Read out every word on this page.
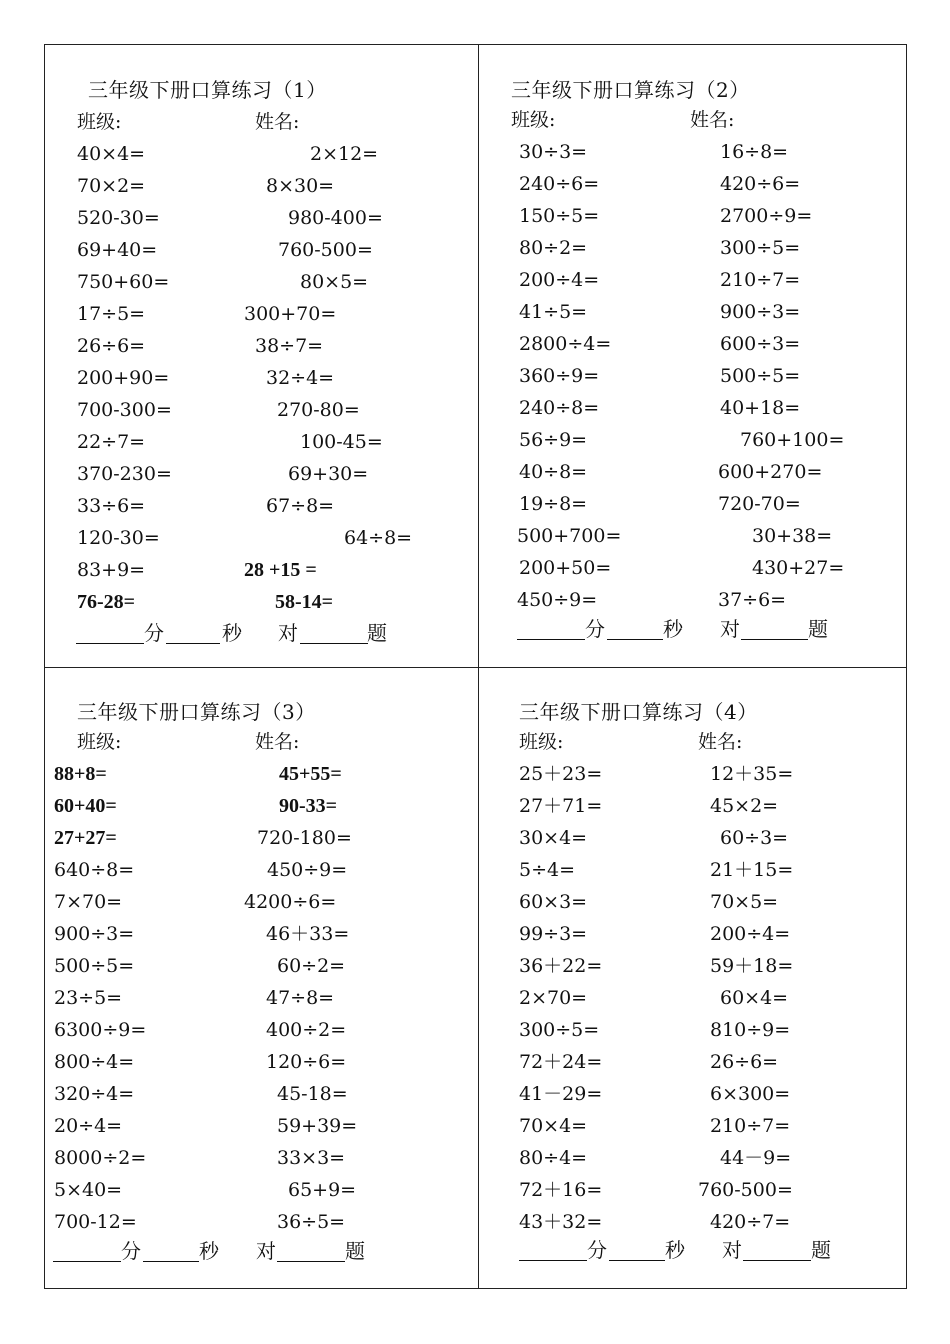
三年级下册口算练习（1）
班级:	姓名:
40×4=	2×12=
70×2=	8×30=
520-30=	980-400=
69+40=	760-500=
750+60=	80×5=
17÷5=	300+70=
26÷6=	38÷7=
200+90=	32÷4=
700-300=	270-80=
22÷7=	100-45=
370-230=	69+30=
33÷6=	67÷8=
120-30=	64÷8=
83+9=	28 +15 =
76-28=	58-14=
分	秒 对	题
三年级下册口算练习（2）
班级:	姓名:
30÷3=	16÷8=
240÷6=	420÷6=
150÷5=	2700÷9=
80÷2=	300÷5=
200÷4=	210÷7=
41÷5=	900÷3=
2800÷4=	600÷3=
360÷9=	500÷5=
240÷8=	40+18=
56÷9=	760+100=
40÷8=	600+270=
19÷8=	720-70=
500+700=	30+38=
200+50=	430+27=
450÷9=	37÷6=
分	秒 对	题
三年级下册口算练习（3）
班级:	姓名:
88+8=	45+55=
60+40=	90-33=
27+27=	720-180=
640÷8=	450÷9=
7×70=	4200÷6=
900÷3=	46＋33=
500÷5=	60÷2=
23÷5=	47÷8=
6300÷9=	400÷2=
800÷4=	120÷6=
320÷4=	45-18=
20÷4=	59+39=
8000÷2=	33×3=
5×40=	65+9=
700-12=	36÷5=
分	秒 对	题
三年级下册口算练习（4）
班级:	姓名:
25＋23=	12＋35=
27＋71=	45×2=
30×4=	60÷3=
5÷4=	21＋15=
60×3=	70×5=
99÷3=	200÷4=
36＋22=	59＋18=
2×70=	60×4=
300÷5=	810÷9=
72＋24=	26÷6=
41－29=	6×300=
70×4=	210÷7=
80÷4=	44－9=
72＋16=	760-500=
43＋32=	420÷7=
分	秒 对	题
